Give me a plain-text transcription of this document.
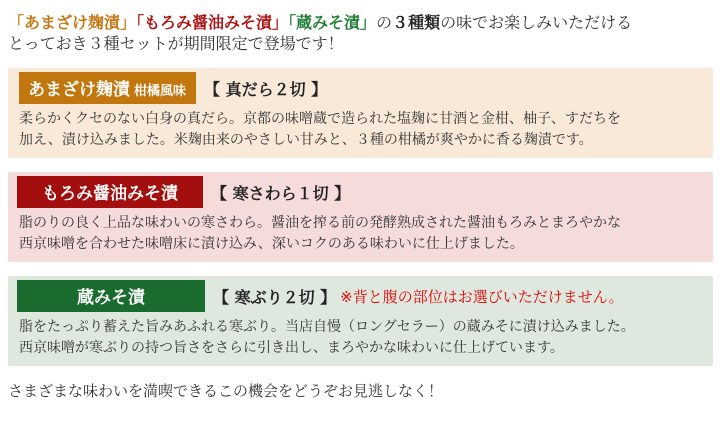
「あまざけ麹漬」「もろみ醤油みそ漬」「蔵みそ漬」の３種類の味でお楽しみいただける
とっておき３種セットが期間限定で登場です！

あまざけ麹漬 柑橘風味	【 真だら２切 】

柔らかくクセのない白身の真だら。京都の味噌蔵で造られた塩麹に甘酒と金柑、柚子、すだちを
加え、漬け込みました。米麹由来のやさしい甘みと、３種の柑橘が爽やかに香る麹漬です。

もろみ醤油みそ漬	【 寒さわら１切 】

脂のりの良く上品な味わいの寒さわら。醤油を搾る前の発酵熟成された醤油もろみとまろやかな
西京味噌を合わせた味噌床に漬け込み、深いコクのある味わいに仕上げました。

蔵みそ漬	【 寒ぶり２切 】 ※背と腹の部位はお選びいただけません。

脂をたっぷり蓄えた旨みあふれる寒ぶり。当店自慢（ロングセラー）の蔵みそに漬け込みました。
西京味噌が寒ぶりの持つ旨さをさらに引き出し、まろやかな味わいに仕上げています。

さまざまな味わいを満喫できるこの機会をどうぞお見逃しなく！
